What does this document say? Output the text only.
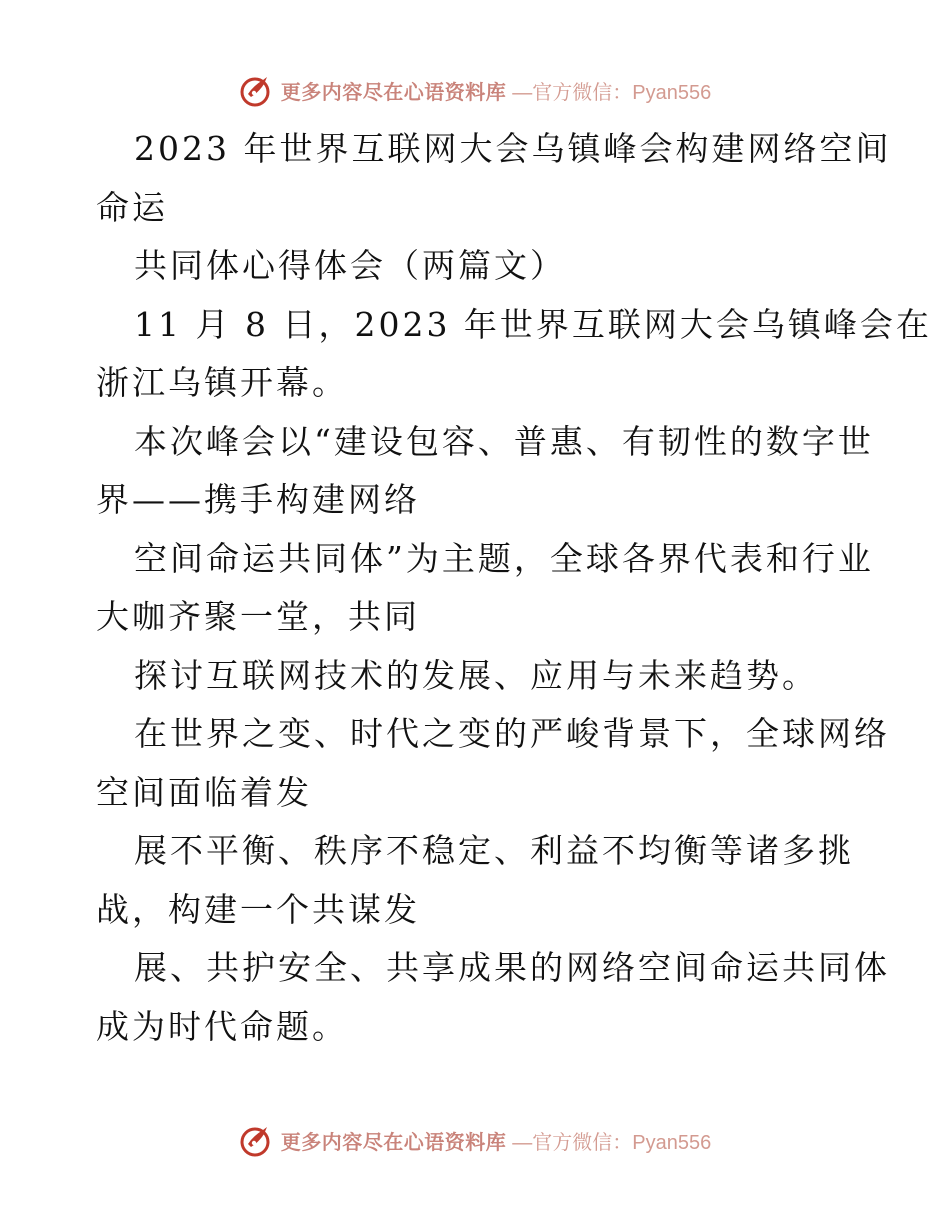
更多内容尽在心语资料库 —官方微信：Pyan556
2023 年世界互联网大会乌镇峰会构建网络空间
命运
共同体心得体会（两篇文）
11 月 8 日，2023 年世界互联网大会乌镇峰会在
浙江乌镇开幕。
本次峰会以“建设包容、普惠、有韧性的数字世
界——携手构建网络
空间命运共同体”为主题，全球各界代表和行业
大咖齐聚一堂，共同
探讨互联网技术的发展、应用与未来趋势。
在世界之变、时代之变的严峻背景下，全球网络
空间面临着发
展不平衡、秩序不稳定、利益不均衡等诸多挑
战，构建一个共谋发
展、共护安全、共享成果的网络空间命运共同体
成为时代命题。
更多内容尽在心语资料库 —官方微信：Pyan556
